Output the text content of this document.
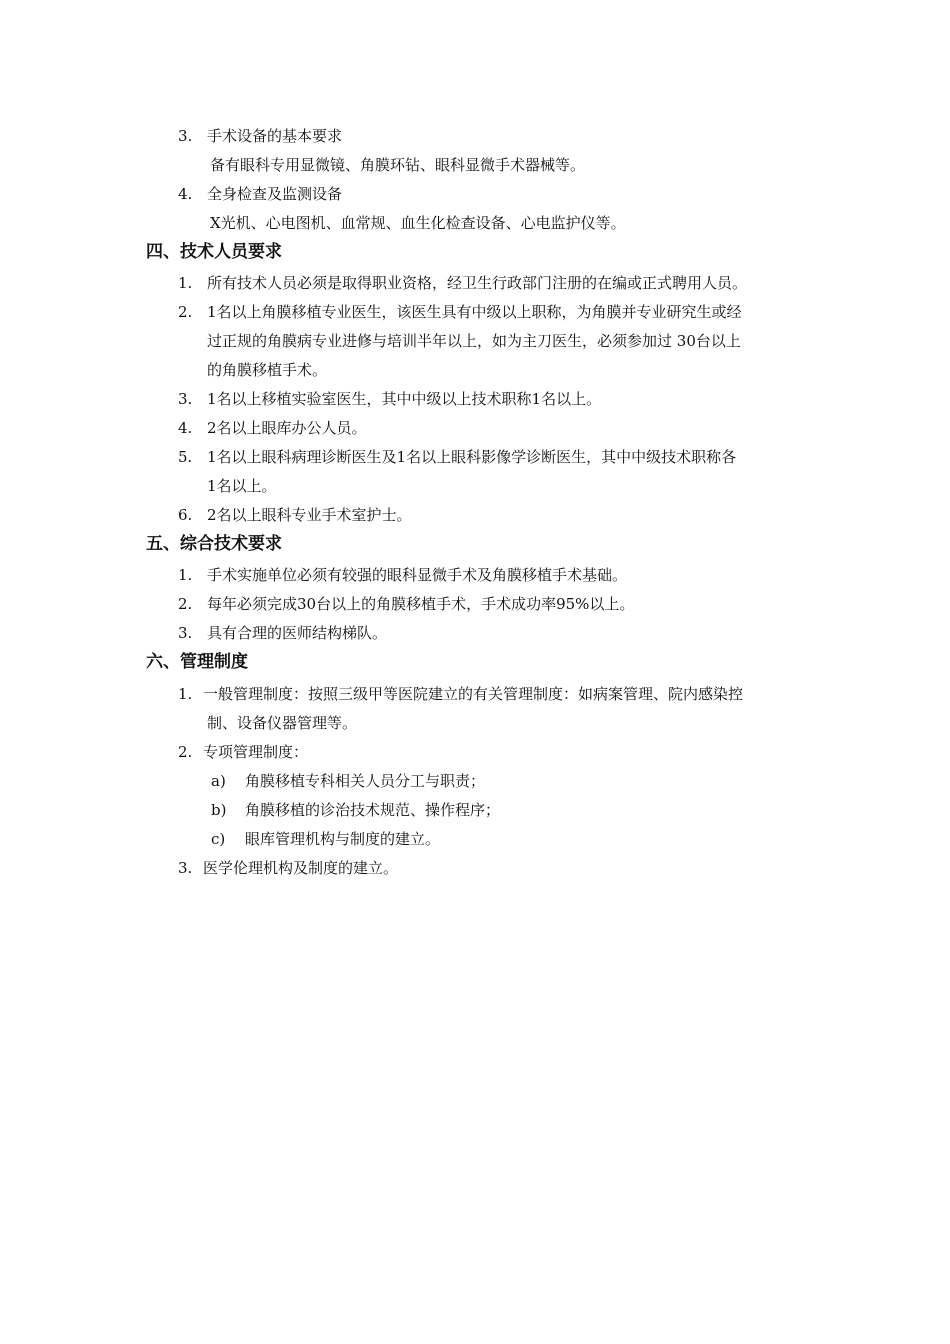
3. 手术设备的基本要求
备有眼科专用显微镜、角膜环钻、眼科显微手术器械等。
4. 全身检查及监测设备
X光机、心电图机、血常规、血生化检查设备、心电监护仪等。
四、技术人员要求
1. 所有技术人员必须是取得职业资格，经卫生行政部门注册的在编或正式聘用人员。
2. 1名以上角膜移植专业医生，该医生具有中级以上职称，为角膜并专业研究生或经
过正规的角膜病专业进修与培训半年以上，如为主刀医生，必须参加过 30台以上
的角膜移植手术。
3. 1名以上移植实验室医生，其中中级以上技术职称1名以上。
4. 2名以上眼库办公人员。
5. 1名以上眼科病理诊断医生及1名以上眼科影像学诊断医生，其中中级技术职称各
1名以上。
6. 2名以上眼科专业手术室护士。
五、综合技术要求
1. 手术实施单位必须有较强的眼科显微手术及角膜移植手术基础。
2. 每年必须完成30台以上的角膜移植手术，手术成功率95%以上。
3. 具有合理的医师结构梯队。
六、管理制度
1. 一般管理制度：按照三级甲等医院建立的有关管理制度：如病案管理、院内感染控
制、设备仪器管理等。
2. 专项管理制度：
a) 角膜移植专科相关人员分工与职责；
b) 角膜移植的诊治技术规范、操作程序；
c) 眼库管理机构与制度的建立。
3. 医学伦理机构及制度的建立。
